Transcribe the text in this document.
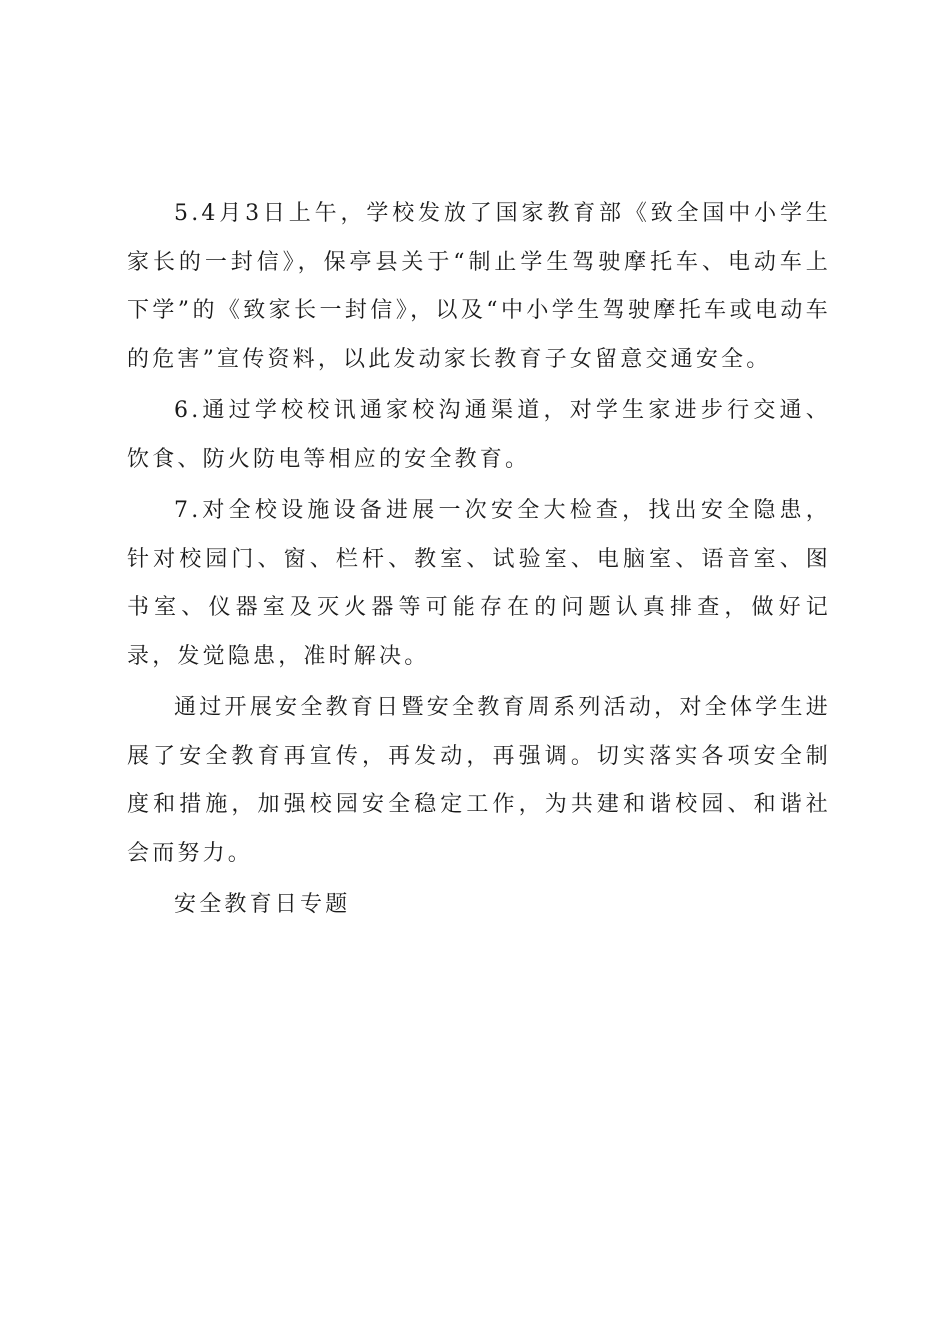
5.4月3日上午，学校发放了国家教育部《致全国中小学生家长的一封信》，保亭县关于“制止学生驾驶摩托车、电动车上下学”的《致家长一封信》，以及“中小学生驾驶摩托车或电动车的危害”宣传资料，以此发动家长教育子女留意交通安全。

6.通过学校校讯通家校沟通渠道，对学生家进步行交通、饮食、防火防电等相应的安全教育。

7.对全校设施设备进展一次安全大检查，找出安全隐患，针对校园门、窗、栏杆、教室、试验室、电脑室、语音室、图书室、仪器室及灭火器等可能存在的问题认真排查，做好记录，发觉隐患，准时解决。

通过开展安全教育日暨安全教育周系列活动，对全体学生进展了安全教育再宣传，再发动，再强调。切实落实各项安全制度和措施，加强校园安全稳定工作，为共建和谐校园、和谐社会而努力。

安全教育日专题
